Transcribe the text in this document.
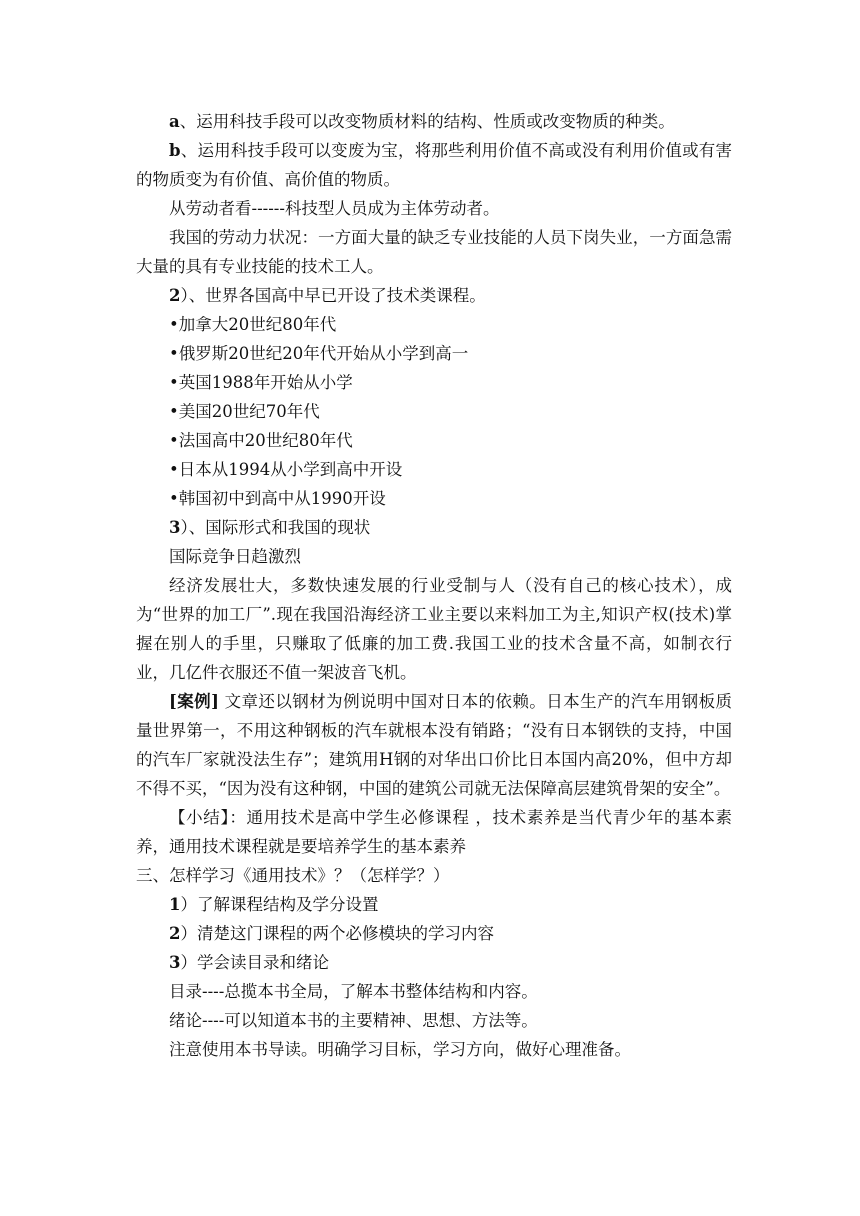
a、运用科技手段可以改变物质材料的结构、性质或改变物质的种类。

b、运用科技手段可以变废为宝，将那些利用价值不高或没有利用价值或有害的物质变为有价值、高价值的物质。

从劳动者看------科技型人员成为主体劳动者。

我国的劳动力状况：一方面大量的缺乏专业技能的人员下岗失业，一方面急需大量的具有专业技能的技术工人。

2）、世界各国高中早已开设了技术类课程。

•加拿大20世纪80年代

•俄罗斯20世纪20年代开始从小学到高一

•英国1988年开始从小学

•美国20世纪70年代

•法国高中20世纪80年代

•日本从1994从小学到高中开设

•韩国初中到高中从1990开设

3）、国际形式和我国的现状

国际竞争日趋激烈

经济发展壮大，多数快速发展的行业受制与人（没有自己的核心技术），成为“世界的加工厂”.现在我国沿海经济工业主要以来料加工为主,知识产权(技术)掌握在别人的手里，只赚取了低廉的加工费.我国工业的技术含量不高，如制衣行业，几亿件衣服还不值一架波音飞机。

[案例] 文章还以钢材为例说明中国对日本的依赖。日本生产的汽车用钢板质量世界第一，不用这种钢板的汽车就根本没有销路；“没有日本钢铁的支持，中国的汽车厂家就没法生存”；建筑用H钢的对华出口价比日本国内高20%，但中方却不得不买，“因为没有这种钢，中国的建筑公司就无法保障高层建筑骨架的安全”。

【小结】：通用技术是高中学生必修课程 ，技术素养是当代青少年的基本素养，通用技术课程就是要培养学生的基本素养

三、怎样学习《通用技术》？（怎样学？）

1）了解课程结构及学分设置

2）清楚这门课程的两个必修模块的学习内容

3）学会读目录和绪论

目录----总揽本书全局，了解本书整体结构和内容。

绪论----可以知道本书的主要精神、思想、方法等。

注意使用本书导读。明确学习目标，学习方向，做好心理准备。
